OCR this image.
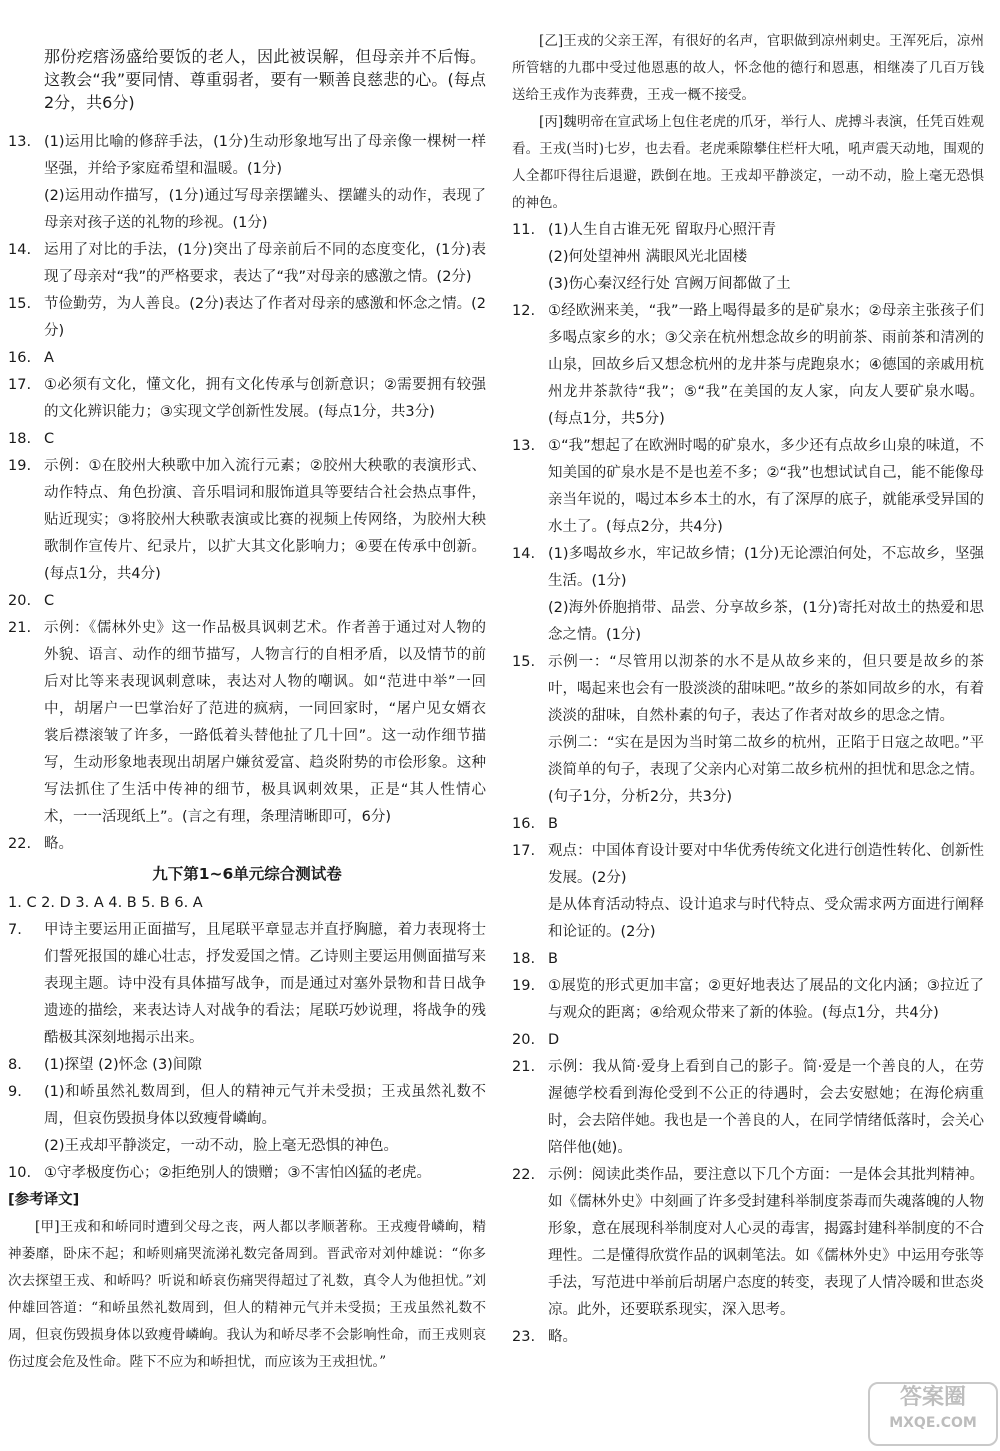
那份疙瘩汤盛给要饭的老人，因此被误解，但母亲并不后悔。这教会“我”要同情、尊重弱者，要有一颗善良慈悲的心。(每点2分，共6分)

13. (1)运用比喻的修辞手法，(1分)生动形象地写出了母亲像一棵树一样坚强，并给予家庭希望和温暖。(1分)

(2)运用动作描写，(1分)通过写母亲摆罐头、摆罐头的动作，表现了母亲对孩子送的礼物的珍视。(1分)

14. 运用了对比的手法，(1分)突出了母亲前后不同的态度变化，(1分)表现了母亲对“我”的严格要求，表达了“我”对母亲的感激之情。(2分)
15. 节俭勤劳，为人善良。(2分)表达了作者对母亲的感激和怀念之情。(2分)
16. A
17. ①必须有文化，懂文化，拥有文化传承与创新意识；②需要拥有较强的文化辨识能力；③实现文学创新性发展。(每点1分，共3分)
18. C
19. 示例：①在胶州大秧歌中加入流行元素；②胶州大秧歌的表演形式、动作特点、角色扮演、音乐唱词和服饰道具等要结合社会热点事件，贴近现实；③将胶州大秧歌表演或比赛的视频上传网络，为胶州大秧歌制作宣传片、纪录片，以扩大其文化影响力；④要在传承中创新。(每点1分，共4分)
20. C
21. 示例：《儒林外史》这一作品极具讽刺艺术。作者善于通过对人物的外貌、语言、动作的细节描写，人物言行的自相矛盾，以及情节的前后对比等来表现讽刺意味，表达对人物的嘲讽。如“范进中举”一回中，胡屠户一巴掌治好了范进的疯病，一同回家时，“屠户见女婿衣裳后襟滚皱了许多，一路低着头替他扯了几十回”。这一动作细节描写，生动形象地表现出胡屠户嫌贫爱富、趋炎附势的市侩形象。这种写法抓住了生活中传神的细节，极具讽刺效果，正是“其人性情心术，一一活现纸上”。(言之有理，条理清晰即可，6分)
22. 略。

九下第1~6单元综合测试卷

1. C 2. D 3. A 4. B 5. B 6. A

7.	甲诗主要运用正面描写，且尾联平章显志并直抒胸臆，着力表现将士们誓死报国的雄心壮志，抒发爱国之情。乙诗则主要运用侧面描写来表现主题。诗中没有具体描写战争，而是通过对塞外景物和昔日战争遗迹的描绘，来表达诗人对战争的看法；尾联巧妙说理，将战争的残酷极其深刻地揭示出来。
8.	(1)探望 (2)怀念 (3)间隙
9.	(1)和峤虽然礼数周到，但人的精神元气并未受损；王戎虽然礼数不周，但哀伤毁损身体以致瘦骨嶙峋。

(2)王戎却平静淡定，一动不动，脸上毫无恐惧的神色。

10. ①守孝极度伤心；②拒绝别人的馈赠；③不害怕凶猛的老虎。

[参考译文]

[甲]王戎和和峤同时遭到父母之丧，两人都以孝顺著称。王戎瘦骨嶙峋，精神萎靡，卧床不起；和峤则痛哭流涕礼数完备周到。晋武帝对刘仲雄说：“你多次去探望王戎、和峤吗？听说和峤哀伤痛哭得超过了礼数，真令人为他担忧。”刘仲雄回答道：“和峤虽然礼数周到，但人的精神元气并未受损；王戎虽然礼数不周，但哀伤毁损身体以致瘦骨嶙峋。我认为和峤尽孝不会影响性命，而王戎则哀伤过度会危及性命。陛下不应为和峤担忧，而应该为王戎担忧。”

[乙]王戎的父亲王浑，有很好的名声，官职做到凉州刺史。王浑死后，凉州所管辖的九郡中受过他恩惠的故人，怀念他的德行和恩惠，相继凑了几百万钱送给王戎作为丧葬费，王戎一概不接受。

[丙]魏明帝在宣武场上包住老虎的爪牙，举行人、虎搏斗表演，任凭百姓观看。王戎(当时)七岁，也去看。老虎乘隙攀住栏杆大吼，吼声震天动地，围观的人全都吓得往后退避，跌倒在地。王戎却平静淡定，一动不动，脸上毫无恐惧的神色。

11. (1)人生自古谁无死 留取丹心照汗青

(2)何处望神州 满眼风光北固楼

(3)伤心秦汉经行处 宫阙万间都做了土

12. ①经欧洲来美，“我”一路上喝得最多的是矿泉水；②母亲主张孩子们多喝点家乡的水；③父亲在杭州想念故乡的明前茶、雨前茶和清冽的山泉，回故乡后又想念杭州的龙井茶与虎跑泉水；④德国的亲戚用杭州龙井茶款待“我”；⑤“我”在美国的友人家，向友人要矿泉水喝。(每点1分，共5分)
13. ①“我”想起了在欧洲时喝的矿泉水，多少还有点故乡山泉的味道，不知美国的矿泉水是不是也差不多；②“我”也想试试自己，能不能像母亲当年说的，喝过本乡本土的水，有了深厚的底子，就能承受异国的水土了。(每点2分，共4分)
14. (1)多喝故乡水，牢记故乡情；(1分)无论漂泊何处，不忘故乡，坚强生活。(1分)

(2)海外侨胞捎带、品尝、分享故乡茶，(1分)寄托对故土的热爱和思念之情。(1分)

15. 示例一：“尽管用以沏茶的水不是从故乡来的，但只要是故乡的茶叶，喝起来也会有一股淡淡的甜味吧。”故乡的茶如同故乡的水，有着淡淡的甜味，自然朴素的句子，表达了作者对故乡的思念之情。

示例二：“实在是因为当时第二故乡的杭州，正陷于日寇之故吧。”平淡简单的句子，表现了父亲内心对第二故乡杭州的担忧和思念之情。(句子1分，分析2分，共3分)

16. B
17. 观点：中国体育设计要对中华优秀传统文化进行创造性转化、创新性发展。(2分)

是从体育活动特点、设计追求与时代特点、受众需求两方面进行阐释和论证的。(2分)

18. B
19. ①展览的形式更加丰富；②更好地表达了展品的文化内涵；③拉近了与观众的距离；④给观众带来了新的体验。(每点1分，共4分)
20. D
21. 示例：我从简·爱身上看到自己的影子。简·爱是一个善良的人，在劳渥德学校看到海伦受到不公正的待遇时，会去安慰她；在海伦病重时，会去陪伴她。我也是一个善良的人，在同学情绪低落时，会关心陪伴他(她)。
22. 示例：阅读此类作品，要注意以下几个方面：一是体会其批判精神。如《儒林外史》中刻画了许多受封建科举制度荼毒而失魂落魄的人物形象，意在展现科举制度对人心灵的毒害，揭露封建科举制度的不合理性。二是懂得欣赏作品的讽刺笔法。如《儒林外史》中运用夸张等手法，写范进中举前后胡屠户态度的转变，表现了人情冷暖和世态炎凉。此外，还要联系现实，深入思考。
23. 略。
答案圈
MXQE.COM
